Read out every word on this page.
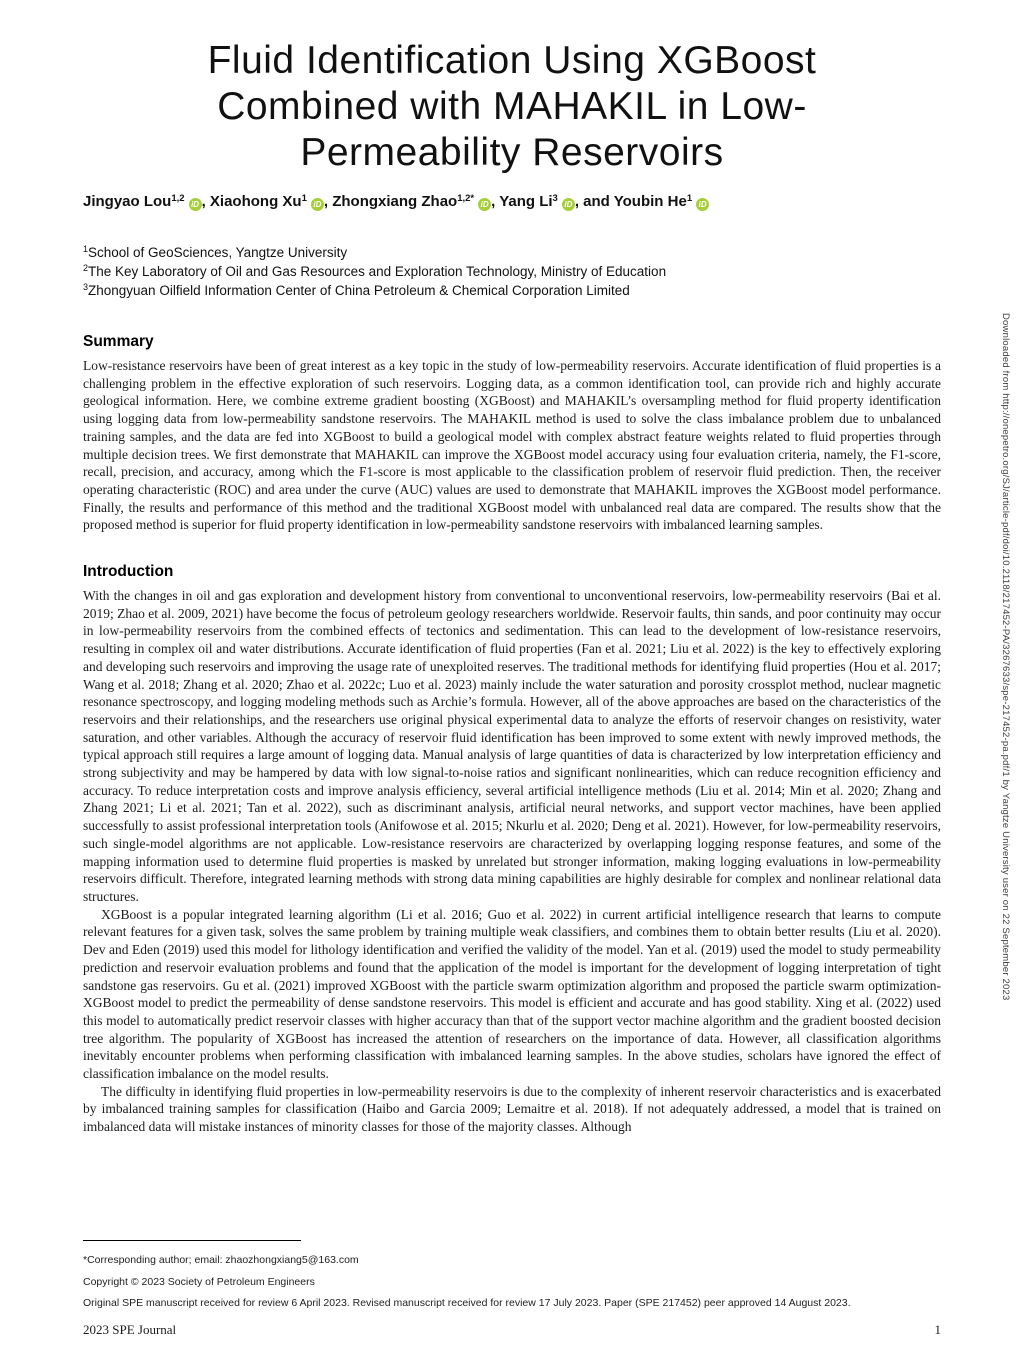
Fluid Identification Using XGBoost
Combined with MAHAKIL in Low-
Permeability Reservoirs
Jingyao Lou$^{1,2}$iD , Xiaohong Xu$^1$iD , Zhongxiang Zhao$^{1,2*}$iD , Yang Li$^3$iD , and Youbin He$^1$iD
$^1$School of GeoSciences, Yangtze University
$^2$The Key Laboratory of Oil and Gas Resources and Exploration Technology, Ministry of Education
$^3$Zhongyuan Oilfield Information Center of China Petroleum & Chemical Corporation Limited
Summary

Low-resistance reservoirs have been of great interest as a key topic in the study of low-permeability reservoirs. Accurate identification of fluid properties is a challenging problem in the effective exploration of such reservoirs. Logging data, as a common identification tool, can provide rich and highly accurate geological information. Here, we combine extreme gradient boosting (XGBoost) and MAHAKIL’s oversampling method for fluid property identification using logging data from low-permeability sandstone reservoirs. The MAHAKIL method is used to solve the class imbalance problem due to unbalanced training samples, and the data are fed into XGBoost to build a geological model with complex abstract feature weights related to fluid properties through multiple decision trees. We first demonstrate that MAHAKIL can improve the XGBoost model accuracy using four evaluation criteria, namely, the F1-score, recall, precision, and accuracy, among which the F1-score is most applicable to the classification problem of reservoir fluid prediction. Then, the receiver operating characteristic (ROC) and area under the curve (AUC) values are used to demonstrate that MAHAKIL improves the XGBoost model performance. Finally, the results and performance of this method and the traditional XGBoost model with unbalanced real data are compared. The results show that the proposed method is superior for fluid property identification in low-permeability sandstone reservoirs with imbalanced learning samples.

Introduction

With the changes in oil and gas exploration and development history from conventional to unconventional reservoirs, low-permeability reservoirs (Bai et al. 2019; Zhao et al. 2009, 2021) have become the focus of petroleum geology researchers worldwide. Reservoir faults, thin sands, and poor continuity may occur in low-permeability reservoirs from the combined effects of tectonics and sedimentation. This can lead to the development of low-resistance reservoirs, resulting in complex oil and water distributions. Accurate identification of fluid properties (Fan et al. 2021; Liu et al. 2022) is the key to effectively exploring and developing such reservoirs and improving the usage rate of unexploited reserves. The traditional methods for identifying fluid properties (Hou et al. 2017; Wang et al. 2018; Zhang et al. 2020; Zhao et al. 2022c; Luo et al. 2023) mainly include the water saturation and porosity crossplot method, nuclear magnetic resonance spectroscopy, and logging modeling methods such as Archie’s formula. However, all of the above approaches are based on the characteristics of the reservoirs and their relationships, and the researchers use original physical experimental data to analyze the efforts of reservoir changes on resistivity, water saturation, and other variables. Although the accuracy of reservoir fluid identification has been improved to some extent with newly improved methods, the typical approach still requires a large amount of logging data. Manual analysis of large quantities of data is characterized by low interpretation efficiency and strong subjectivity and may be hampered by data with low signal-to-noise ratios and significant nonlinearities, which can reduce recognition efficiency and accuracy. To reduce interpretation costs and improve analysis efficiency, several artificial intelligence methods (Liu et al. 2014; Min et al. 2020; Zhang and Zhang 2021; Li et al. 2021; Tan et al. 2022), such as discriminant analysis, artificial neural networks, and support vector machines, have been applied successfully to assist professional interpretation tools (Anifowose et al. 2015; Nkurlu et al. 2020; Deng et al. 2021). However, for low-permeability reservoirs, such single-model algorithms are not applicable. Low-resistance reservoirs are characterized by overlapping logging response features, and some of the mapping information used to determine fluid properties is masked by unrelated but stronger information, making logging evaluations in low-permeability reservoirs difficult. Therefore, integrated learning methods with strong data mining capabilities are highly desirable for complex and nonlinear relational data structures.

XGBoost is a popular integrated learning algorithm (Li et al. 2016; Guo et al. 2022) in current artificial intelligence research that learns to compute relevant features for a given task, solves the same problem by training multiple weak classifiers, and combines them to obtain better results (Liu et al. 2020). Dev and Eden (2019) used this model for lithology identification and verified the validity of the model. Yan et al. (2019) used the model to study permeability prediction and reservoir evaluation problems and found that the application of the model is important for the development of logging interpretation of tight sandstone gas reservoirs. Gu et al. (2021) improved XGBoost with the particle swarm optimization algorithm and proposed the particle swarm optimization-XGBoost model to predict the permeability of dense sandstone reservoirs. This model is efficient and accurate and has good stability. Xing et al. (2022) used this model to automatically predict reservoir classes with higher accuracy than that of the support vector machine algorithm and the gradient boosted decision tree algorithm. The popularity of XGBoost has increased the attention of researchers on the importance of data. However, all classification algorithms inevitably encounter problems when performing classification with imbalanced learning samples. In the above studies, scholars have ignored the effect of classification imbalance on the model results.

The difficulty in identifying fluid properties in low-permeability reservoirs is due to the complexity of inherent reservoir characteristics and is exacerbated by imbalanced training samples for classification (Haibo and Garcia 2009; Lemaitre et al. 2018). If not adequately addressed, a model that is trained on imbalanced data will mistake instances of minority classes for those of the majority classes. Although

*Corresponding author; email: zhaozhongxiang5@163.com

Copyright © 2023 Society of Petroleum Engineers

Original SPE manuscript received for review 6 April 2023. Revised manuscript received for review 17 July 2023. Paper (SPE 217452) peer approved 14 August 2023.

2023 SPE Journal	1
Downloaded from http://onepetro.org/SJ/article-pdf/doi/10.2118/217452-PA/3267633/spe-217452-pa.pdf/1 by Yangtze University user on 22 September 2023
